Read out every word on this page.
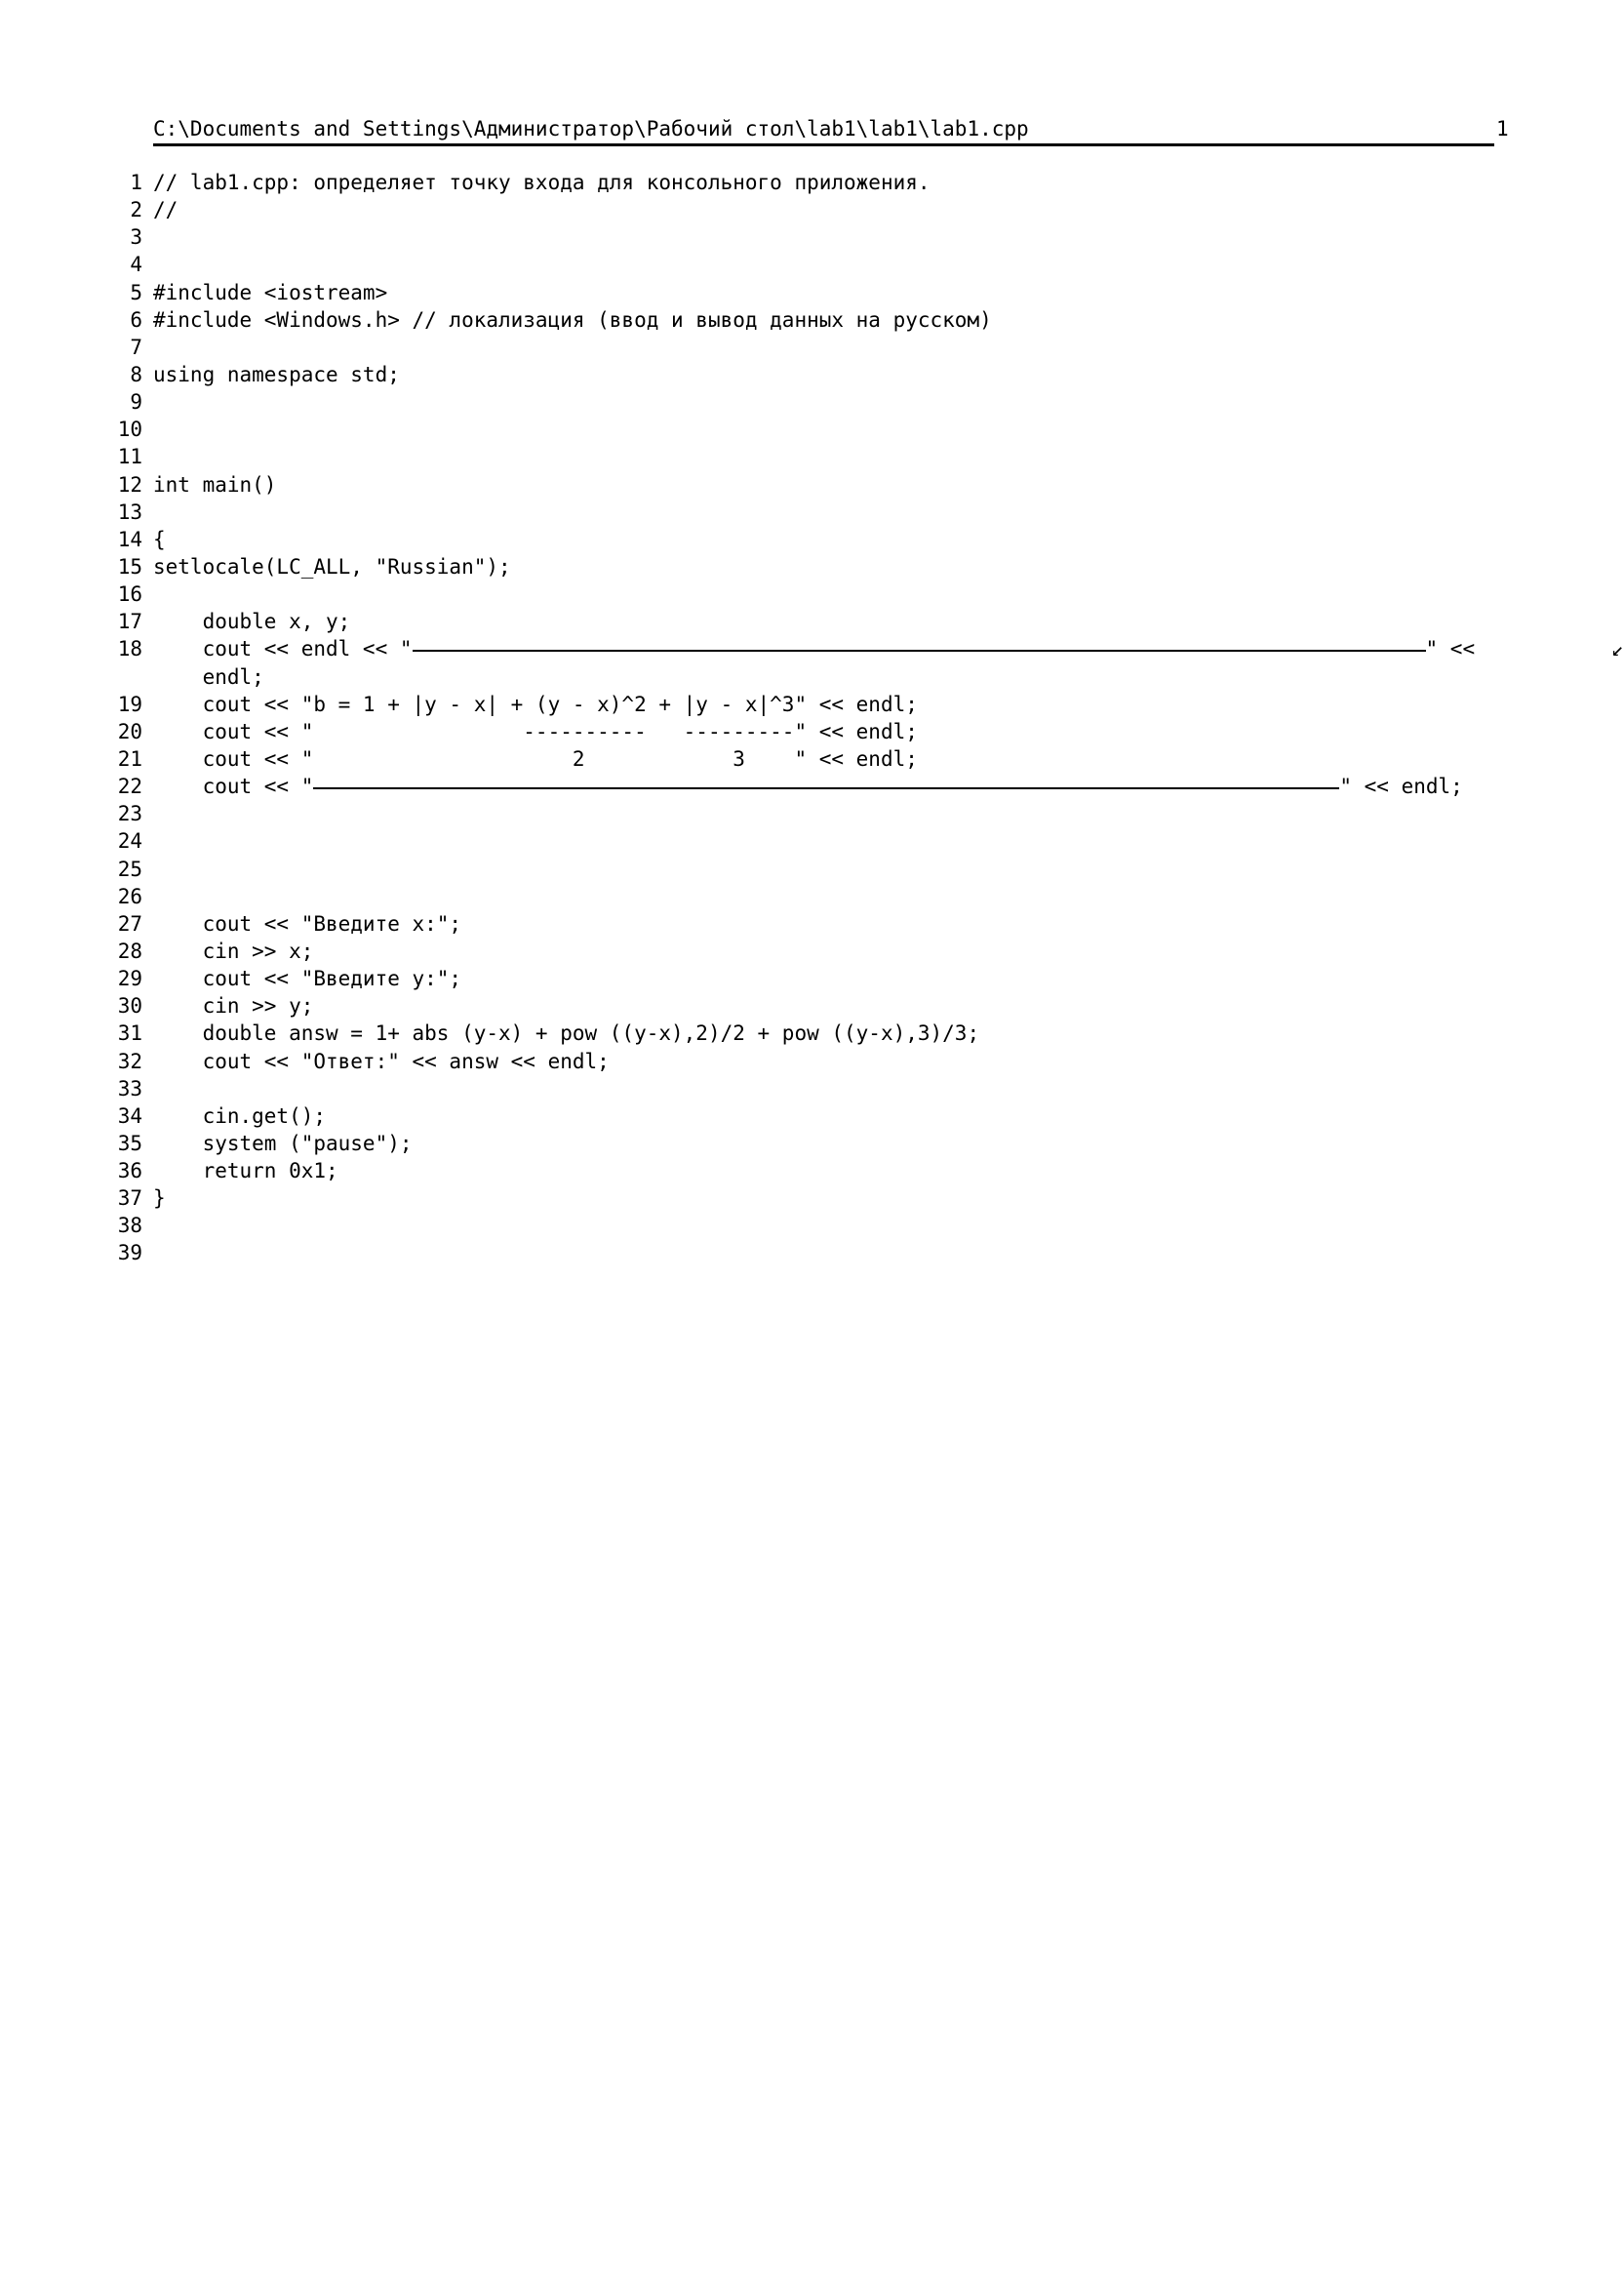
C:\Documents and Settings\Администратор\Рабочий стол\lab1\lab1\lab1.cpp

	1
1 // lab1.cpp: определяет точку входа для консольного приложения.
2 //
3
4
5 #include <iostream>
6 #include <Windows.h> // локализация (ввод и вывод данных на русском)
7
8 using namespace std;
9
10
11
12 int main()
13
14 {
15 setlocale(LC_ALL, "Russian");
16
17 double x, y;
18 cout << endl << "	" <<	↙
endl;
19 cout << "b = 1 + |y - x| + (y - x)^2 + |y - x|^3" << endl;
20 cout << "                 ----------   ---------" << endl;
21 cout << "                     2            3    " << endl;
22 cout << "	" << endl;
23
24
25
26
27 cout << "Введите x:";
28 cin >> x;
29 cout << "Введите y:";
30 cin >> y;
31 double answ = 1+ abs (y-x) + pow ((y-x),2)/2 + pow ((y-x),3)/3;
32 cout << "Ответ:" << answ << endl;
33
34 cin.get();
35 system ("pause");
36 return 0x1;
37 }
38
39
